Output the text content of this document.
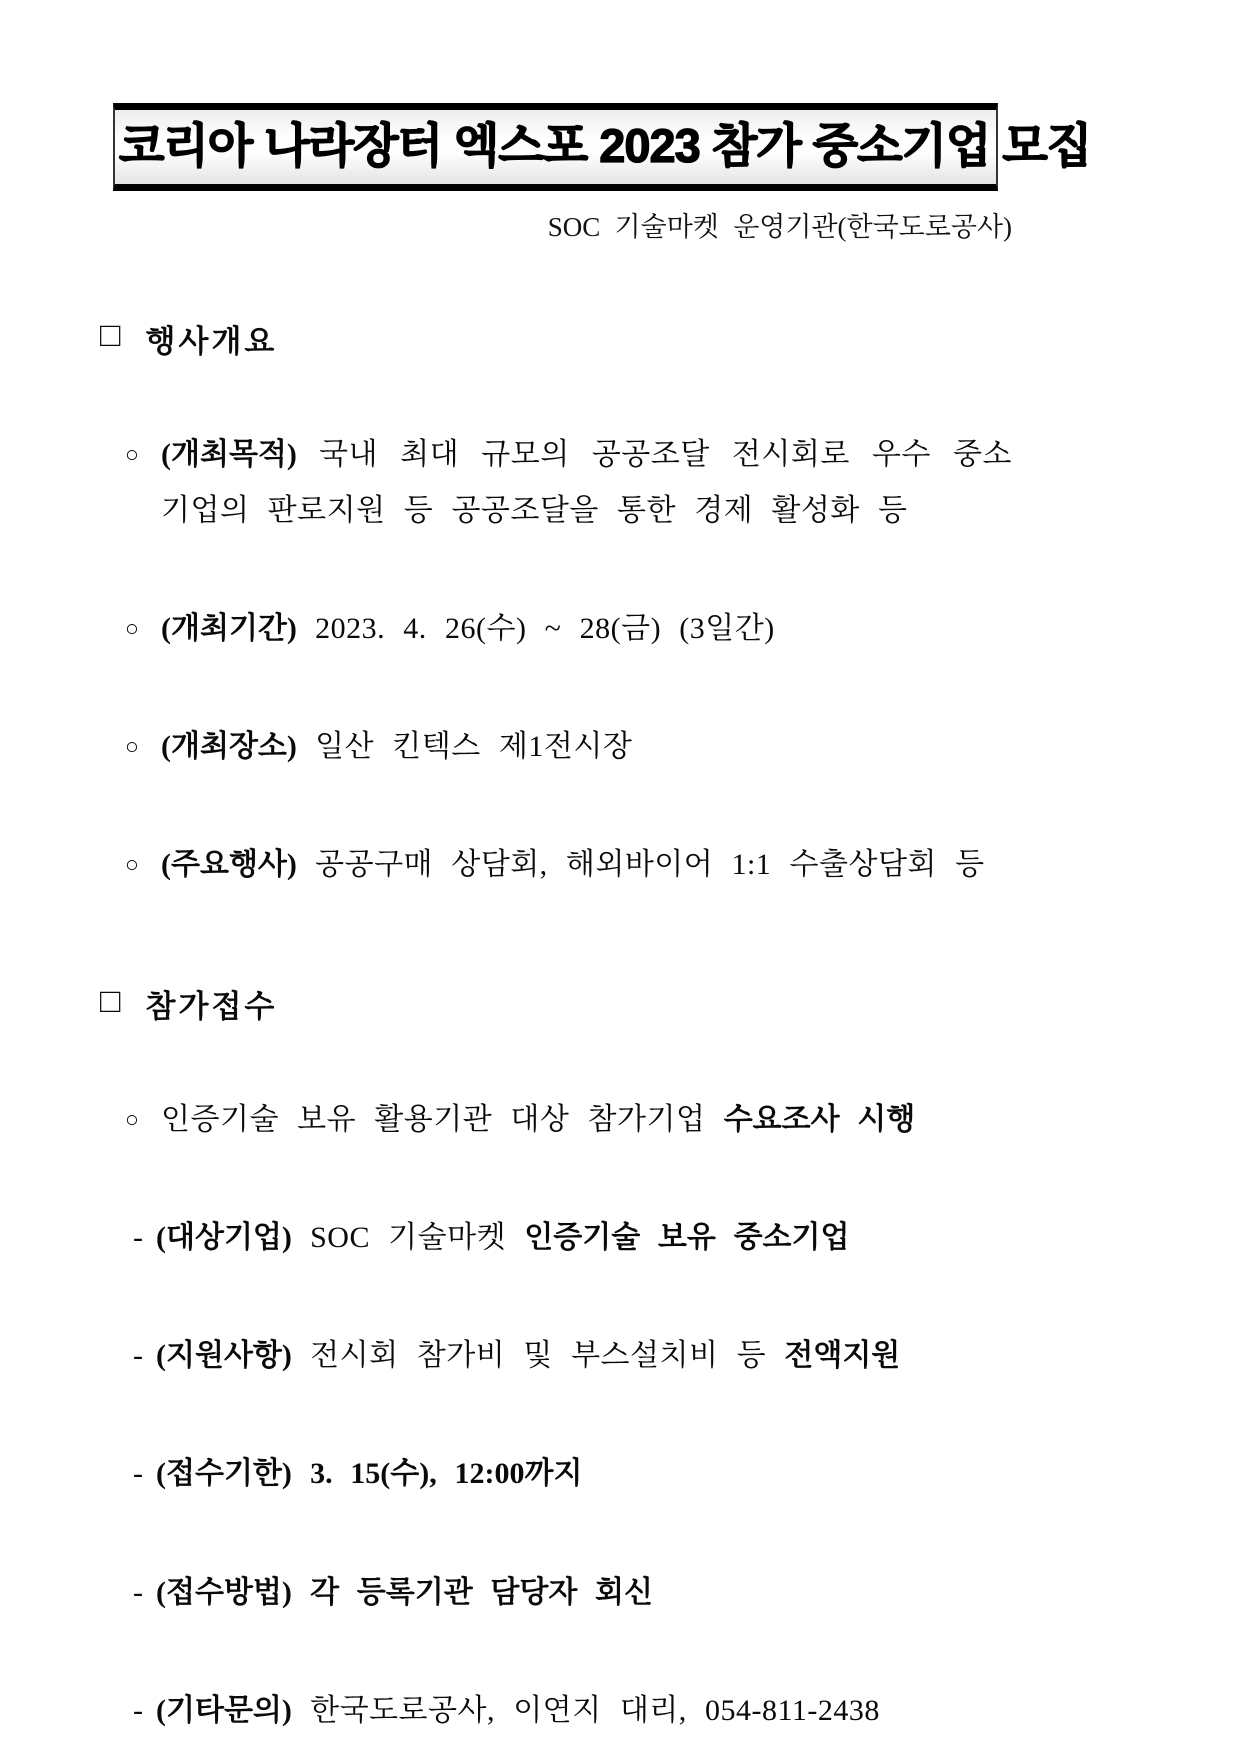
코리아 나라장터 엑스포 2023 참가 중소기업 모집
SOC 기술마켓 운영기관(한국도로공사)
□ 행사개요
○ (개최목적) 국내 최대 규모의 공공조달 전시회로 우수 중소기업의 판로지원 등 공공조달을 통한 경제 활성화 등
○ (개최기간) 2023. 4. 26(수) ~ 28(금) (3일간)
○ (개최장소) 일산 킨텍스 제1전시장
○ (주요행사) 공공구매 상담회, 해외바이어 1:1 수출상담회 등
□ 참가접수
○ 인증기술 보유 활용기관 대상 참가기업 수요조사 시행
- (대상기업) SOC 기술마켓 인증기술 보유 중소기업
- (지원사항) 전시회 참가비 및 부스설치비 등 전액지원
- (접수기한) 3. 15(수), 12:00까지
- (접수방법) 각 등록기관 담당자 회신
- (기타문의) 한국도로공사, 이연지 대리, 054-811-2438
